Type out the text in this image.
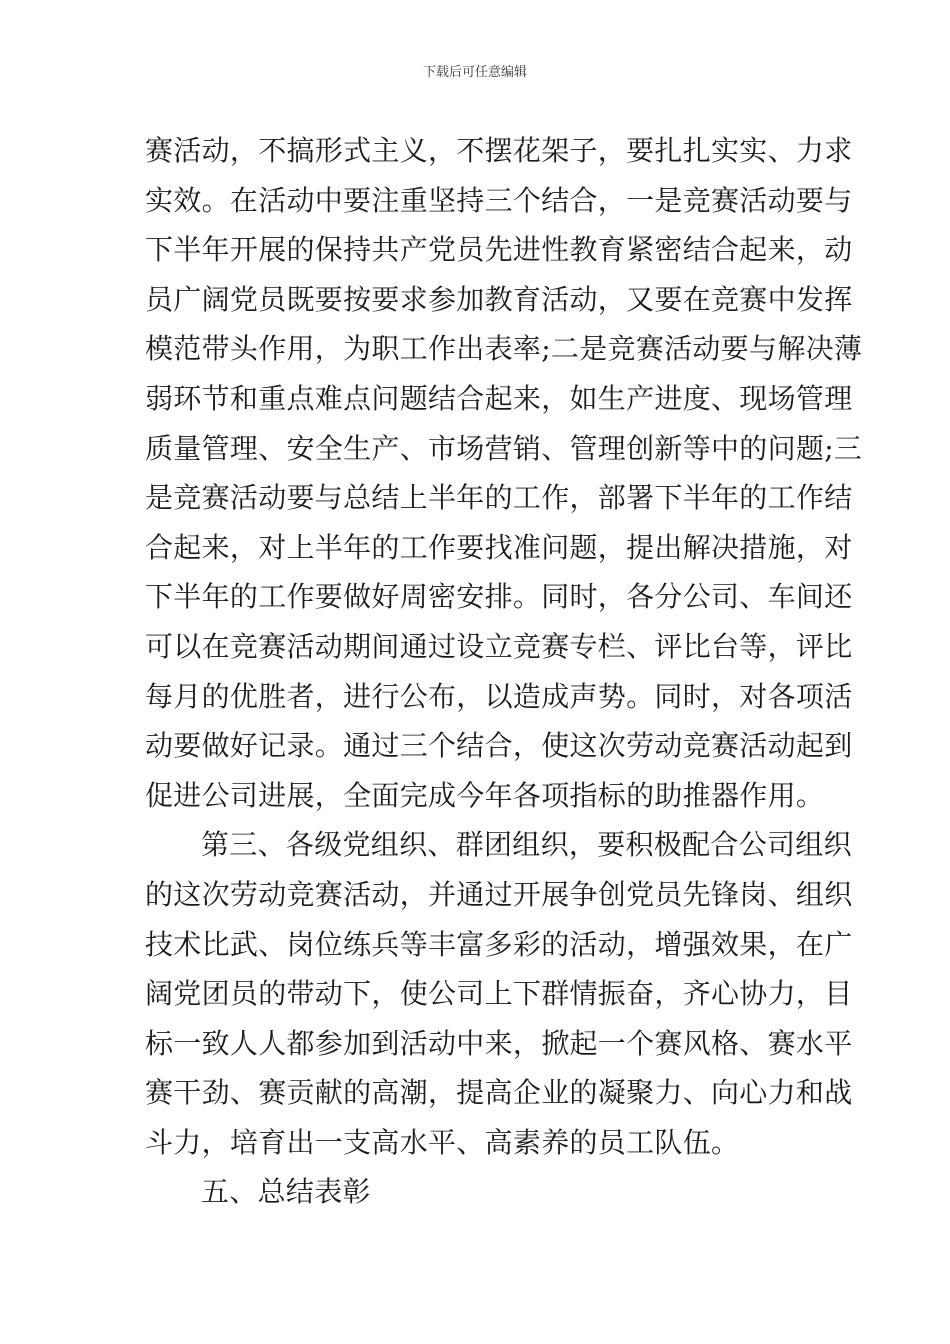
下载后可任意编辑
赛活动，不搞形式主义，不摆花架子，要扎扎实实、力求
实效。在活动中要注重坚持三个结合，一是竞赛活动要与
下半年开展的保持共产党员先进性教育紧密结合起来，动
员广阔党员既要按要求参加教育活动，又要在竞赛中发挥
模范带头作用，为职工作出表率;二是竞赛活动要与解决薄
弱环节和重点难点问题结合起来，如生产进度、现场管理
质量管理、安全生产、市场营销、管理创新等中的问题;三
是竞赛活动要与总结上半年的工作，部署下半年的工作结
合起来，对上半年的工作要找准问题，提出解决措施，对
下半年的工作要做好周密安排。同时，各分公司、车间还
可以在竞赛活动期间通过设立竞赛专栏、评比台等，评比
每月的优胜者，进行公布，以造成声势。同时，对各项活
动要做好记录。通过三个结合，使这次劳动竞赛活动起到
促进公司进展，全面完成今年各项指标的助推器作用。
第三、各级党组织、群团组织，要积极配合公司组织
的这次劳动竞赛活动，并通过开展争创党员先锋岗、组织
技术比武、岗位练兵等丰富多彩的活动，增强效果，在广
阔党团员的带动下，使公司上下群情振奋，齐心协力，目
标一致人人都参加到活动中来，掀起一个赛风格、赛水平
赛干劲、赛贡献的高潮，提高企业的凝聚力、向心力和战
斗力，培育出一支高水平、高素养的员工队伍。
五、总结表彰
